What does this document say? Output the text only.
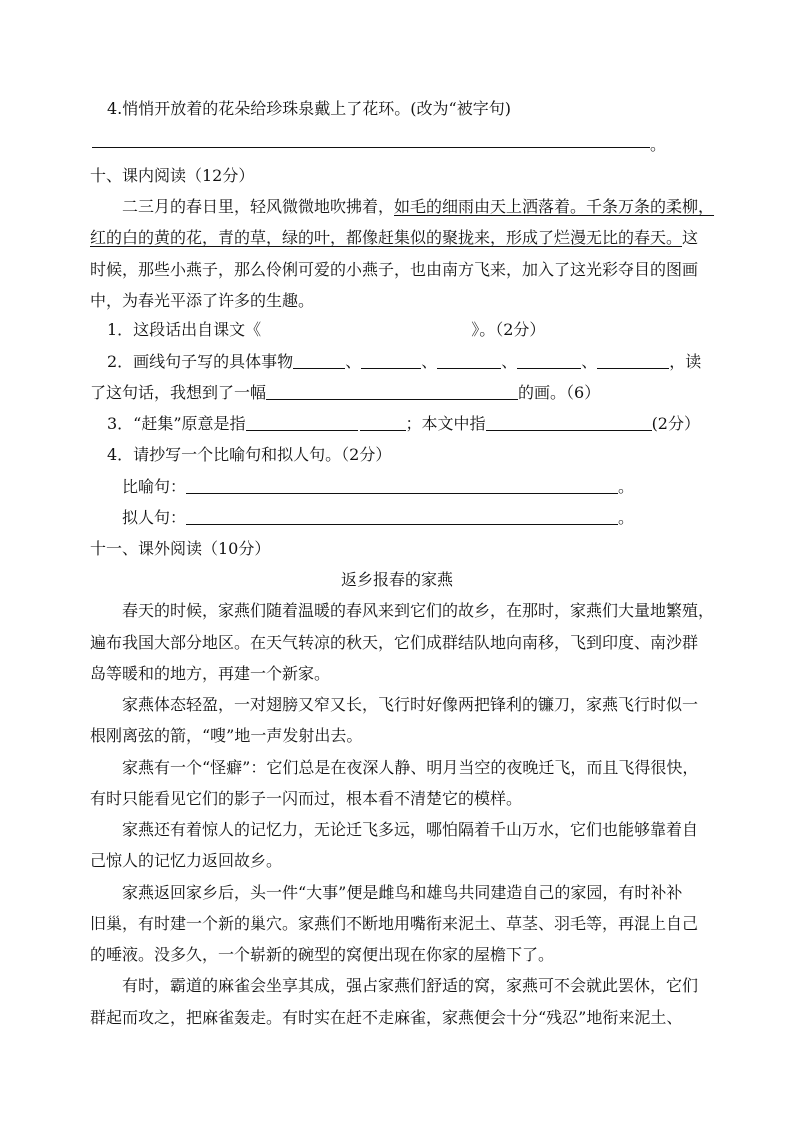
4.悄悄开放着的花朵给珍珠泉戴上了花环。(改为“被字句)
。
十、课内阅读（12分）
二三月的春日里，轻风微微地吹拂着，如毛的细雨由天上洒落着。千条万条的柔柳，
红的白的黄的花，青的草，绿的叶，都像赶集似的聚拢来，形成了烂漫无比的春天。这
时候，那些小燕子，那么伶俐可爱的小燕子，也由南方飞来，加入了这光彩夺目的图画
中，为春光平添了许多的生趣。
1．这段话出自课文《	》。（2分）
2．画线句子写的具体事物	、	、	、	、	，读
了这句话，我想到了一幅	的画。（6）
3．“赶集”原意是指	；本文中指	(2分）
4．请抄写一个比喻句和拟人句。（2分）
比喻句：	。
拟人句：	。
十一、课外阅读（10分）
返乡报春的家燕
春天的时候，家燕们随着温暖的春风来到它们的故乡，在那时，家燕们大量地繁殖，
遍布我国大部分地区。在天气转凉的秋天，它们成群结队地向南移，飞到印度、南沙群
岛等暖和的地方，再建一个新家。
家燕体态轻盈，一对翅膀又窄又长，飞行时好像两把锋利的镰刀，家燕飞行时似一
根刚离弦的箭，“嗖”地一声发射出去。
家燕有一个“怪癖”：它们总是在夜深人静、明月当空的夜晚迁飞，而且飞得很快，
有时只能看见它们的影子一闪而过，根本看不清楚它的模样。
家燕还有着惊人的记忆力，无论迁飞多远，哪怕隔着千山万水，它们也能够靠着自
己惊人的记忆力返回故乡。
家燕返回家乡后，头一件“大事”便是雌鸟和雄鸟共同建造自己的家园，有时补补
旧巢，有时建一个新的巢穴。家燕们不断地用嘴衔来泥土、草茎、羽毛等，再混上自己
的唾液。没多久，一个崭新的碗型的窝便出现在你家的屋檐下了。
有时，霸道的麻雀会坐享其成，强占家燕们舒适的窝，家燕可不会就此罢休，它们
群起而攻之，把麻雀轰走。有时实在赶不走麻雀，家燕便会十分“残忍”地衔来泥土、
